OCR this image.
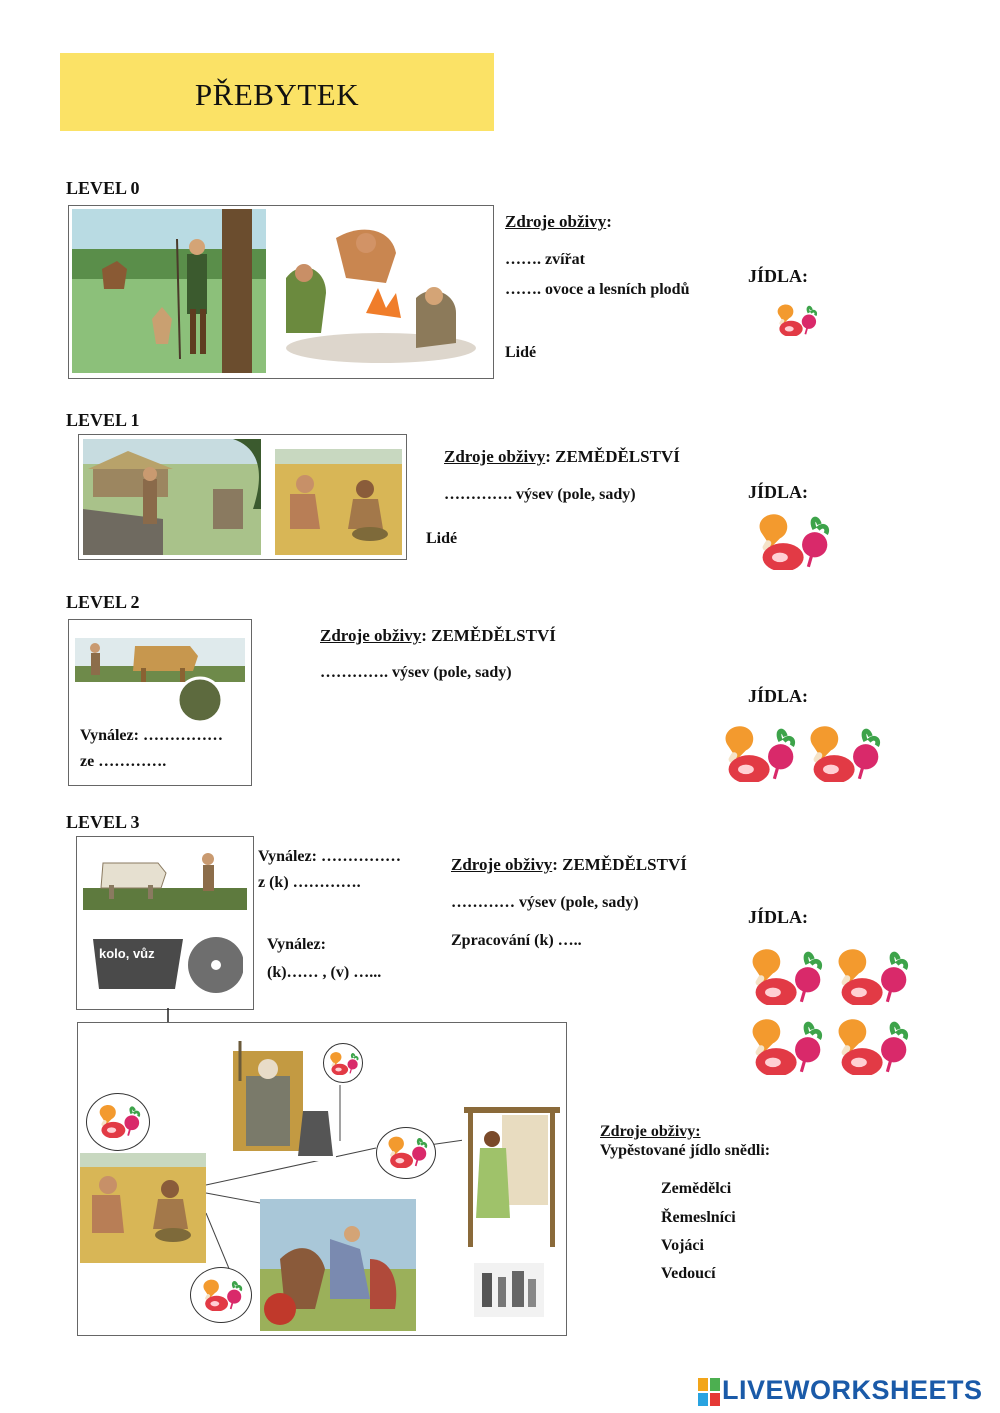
PŘEBYTEK
LEVEL 0
Zdroje obživy:
……. zvířat
……. ovoce a lesních plodů
Lidé
JÍDLA:
LEVEL 1
Zdroje obživy: ZEMĚDĚLSTVÍ
…………. výsev (pole, sady)
Lidé
JÍDLA:
LEVEL 2
Vynález: ……………
ze ………….
Zdroje obživy: ZEMĚDĚLSTVÍ
…………. výsev (pole, sady)
JÍDLA:
LEVEL 3
kolo, vůz
Vynález: ……………
z (k) ………….
Vynález:
(k)…… , (v) …...
Zdroje obživy: ZEMĚDĚLSTVÍ
………… výsev (pole, sady)
Zpracování (k) …..
JÍDLA:
Zdroje obživy:
Vypěstované jídlo snědli:
Zemědělci
Řemeslníci
Vojáci
Vedoucí
LIVEWORKSHEETS
